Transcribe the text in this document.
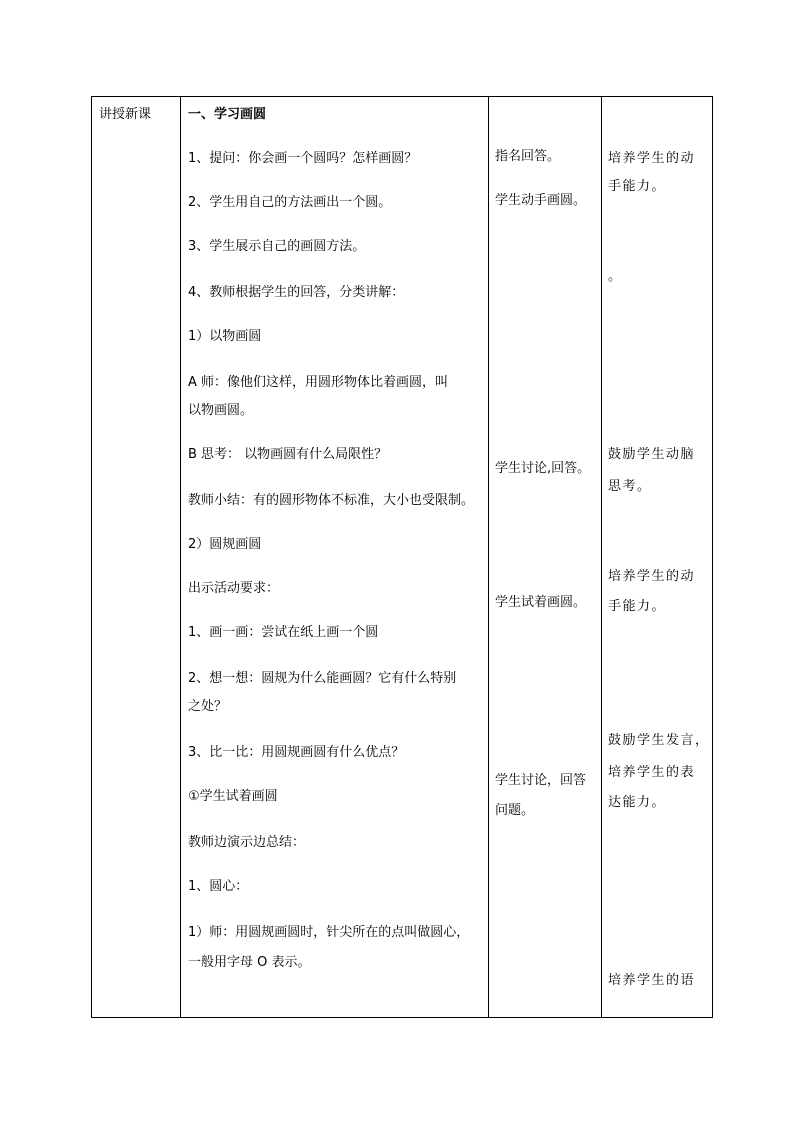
讲授新课	一、学习画圆
1、提问：你会画一个圆吗？怎样画圆？
2、学生用自己的方法画出一个圆。
3、学生展示自己的画圆方法。
4、教师根据学生的回答，分类讲解：
1）以物画圆
A 师：像他们这样，用圆形物体比着画圆，叫
以物画圆。
B 思考： 以物画圆有什么局限性？
教师小结：有的圆形物体不标准，大小也受限制。
2）圆规画圆
出示活动要求：
1、画一画：尝试在纸上画一个圆
2、想一想：圆规为什么能画圆？它有什么特别
之处？
3、比一比：用圆规画圆有什么优点？
①学生试着画圆
教师边演示边总结：
1、圆心：
1）师：用圆规画圆时，针尖所在的点叫做圆心，
一般用字母 O 表示。
指名回答。
学生动手画圆。
学生讨论,回答。
学生试着画圆。
学生讨论，回答
问题。
培养学生的动
手能力。
。
鼓励学生动脑
思考。
培养学生的动
手能力。
鼓励学生发言，
培养学生的表
达能力。
培养学生的语
